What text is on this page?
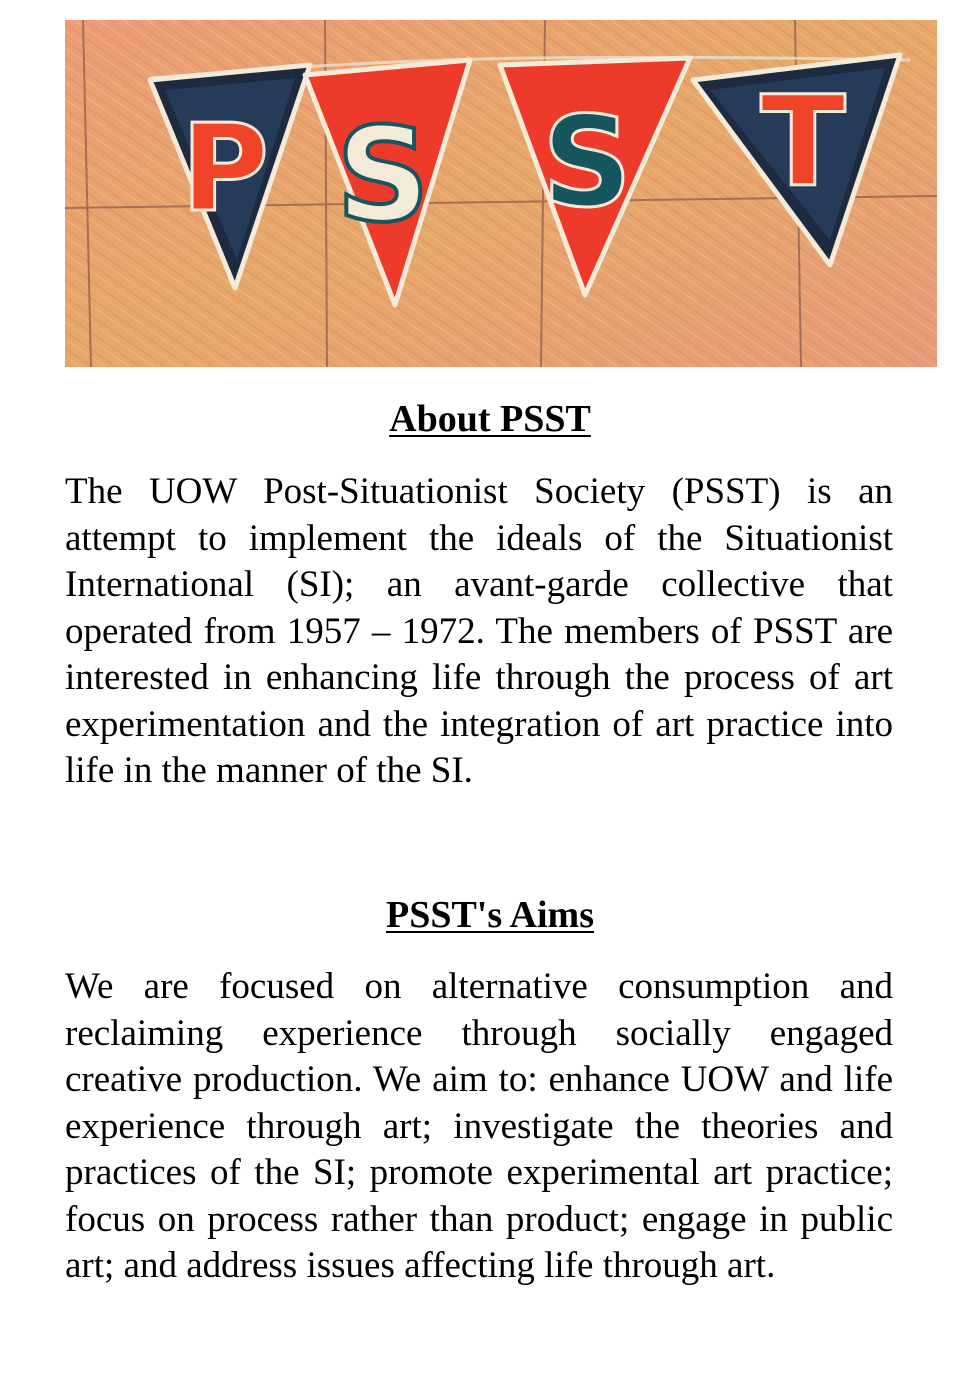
P S S T
About PSST

The UOW Post-Situationist Society (PSST) is an attempt to implement the ideals of the Situationist International (SI); an avant-garde collective that operated from 1957 – 1972. The members of PSST are interested in enhancing life through the process of art experimentation and the integration of art practice into life in the manner of the SI.

PSST's Aims

We are focused on alternative consumption and reclaiming experience through socially engaged creative production. We aim to: enhance UOW and life experience through art; investigate the theories and practices of the SI; promote experimental art practice; focus on process rather than product; engage in public art; and address issues affecting life through art.
